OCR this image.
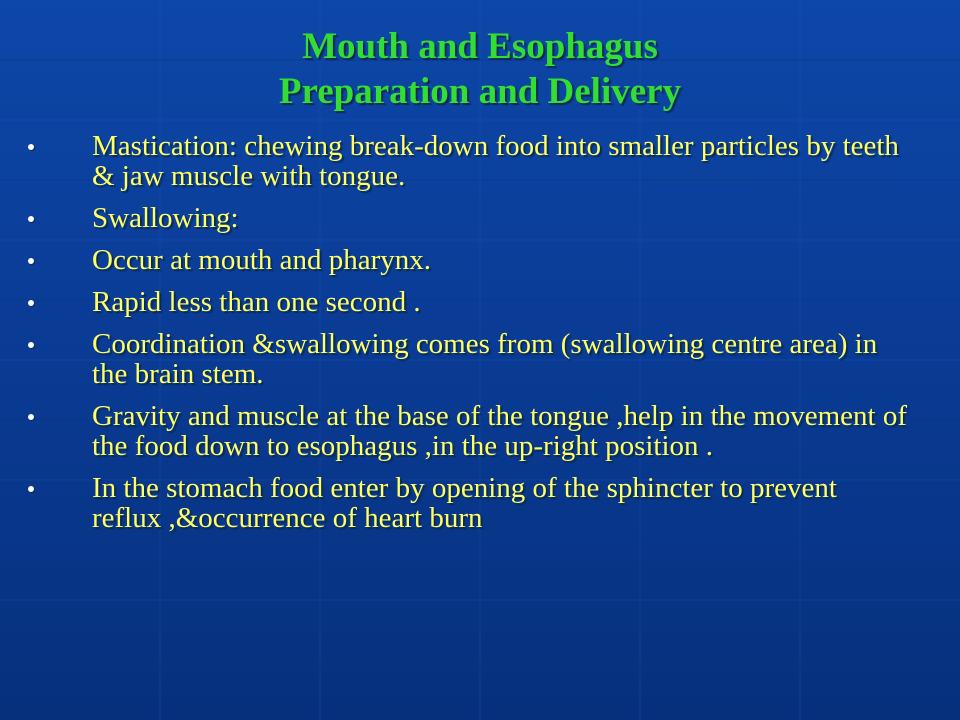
Mouth and Esophagus
Preparation and Delivery
Mastication: chewing break-down food into smaller particles by teeth & jaw muscle with tongue.
Swallowing:
Occur at mouth and pharynx.
Rapid less than one second .
Coordination &swallowing comes from (swallowing centre area) in the brain stem.
Gravity and muscle at the base of the tongue ,help in the movement of the food down to esophagus ,in the up-right position .
In the stomach food enter by opening of the sphincter to prevent reflux ,&occurrence of heart burn
